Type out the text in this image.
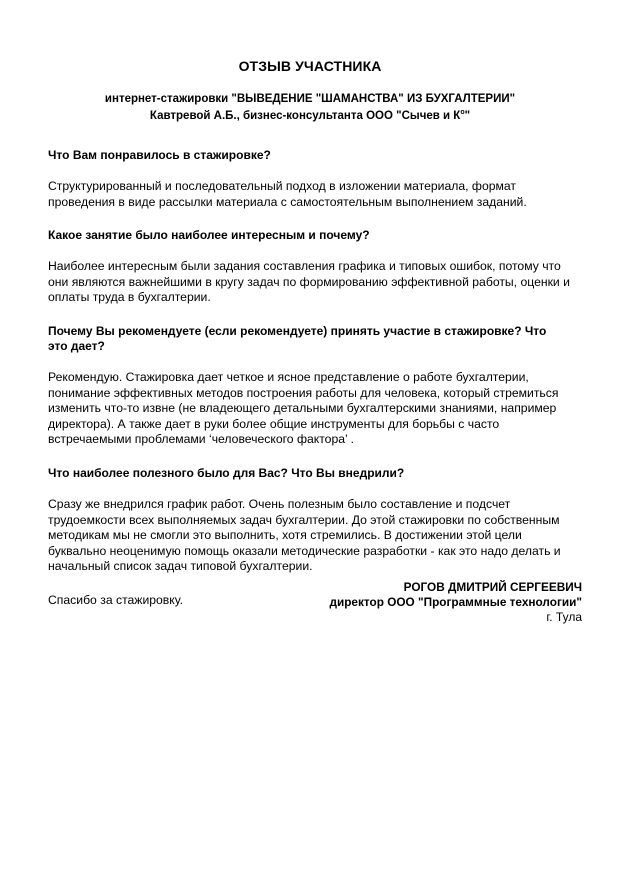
ОТЗЫВ УЧАСТНИКА
интернет-стажировки "ВЫВЕДЕНИЕ "ШАМАНСТВА" ИЗ БУХГАЛТЕРИИ"
Кавтревой А.Б., бизнес-консультанта ООО "Сычев и $К^о$"
Что Вам понравилось в стажировке?
Структурированный и последовательный подход в изложении материала, формат
проведения в виде рассылки материала с самостоятельным выполнением заданий.
Какое занятие было наиболее интересным и почему?
Наиболее интересным были задания составления графика и типовых ошибок, потому что
они являются важнейшими в кругу задач по формированию эффективной работы, оценки и
оплаты труда в бухгалтерии.
Почему Вы рекомендуете (если рекомендуете) принять участие в стажировке? Что
это дает?
Рекомендую. Стажировка дает четкое и ясное представление о работе бухгалтерии,
понимание эффективных методов построения работы для человека, который стремиться
изменить что-то извне (не владеющего детальными бухгалтерскими знаниями, например
директора). А также дает в руки более общие инструменты для борьбы с часто
встречаемыми проблемами ‘человеческого фактора’ .
Что наиболее полезного было для Вас? Что Вы внедрили?
Сразу же внедрился график работ. Очень полезным было составление и подсчет
трудоемкости всех выполняемых задач бухгалтерии. До этой стажировки по собственным
методикам мы не смогли это выполнить, хотя стремились. В достижении этой цели
буквально неоценимую помощь оказали методические разработки - как это надо делать и
начальный список задач типовой бухгалтерии.
Спасибо за стажировку.
РОГОВ ДМИТРИЙ СЕРГЕЕВИЧ
директор ООО "Программные технологии"
г. Тула
